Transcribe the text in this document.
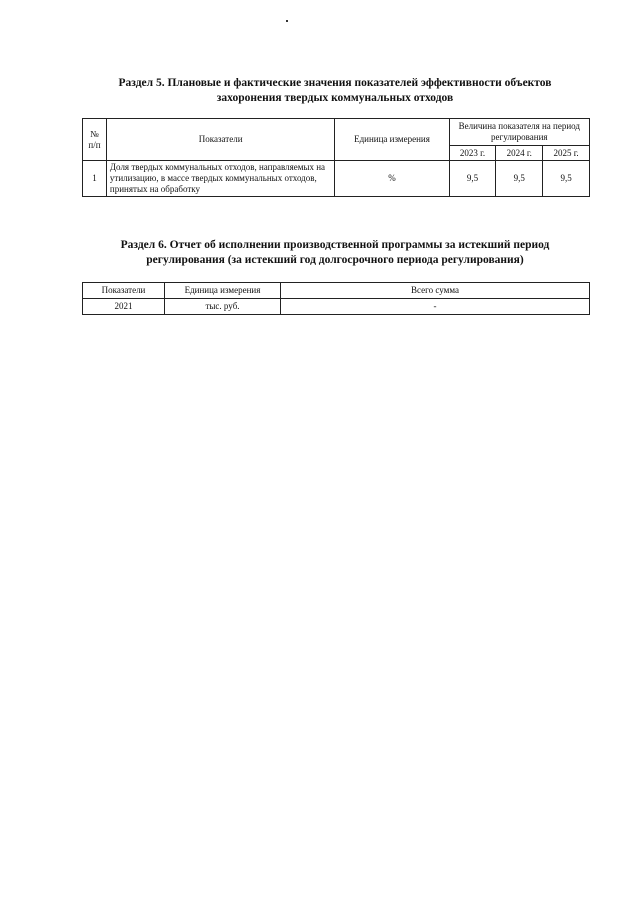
Раздел 5. Плановые и фактические значения показателей эффективности объектов захоронения твердых коммунальных отходов
№ п/п	Показатели	Единица измерения	Величина показателя на период регулирования		
			2023 г.	2024 г.	2025 г.
1	Доля твердых коммунальных отходов, направляемых на утилизацию, в массе твердых коммунальных отходов, принятых на обработку	%	9,5	9,5	9,5
Раздел 6. Отчет об исполнении производственной программы за истекший период регулирования (за истекший год долгосрочного периода регулирования)
Показатели	Единица измерения	Всего сумма
2021	тыс. руб.	-
